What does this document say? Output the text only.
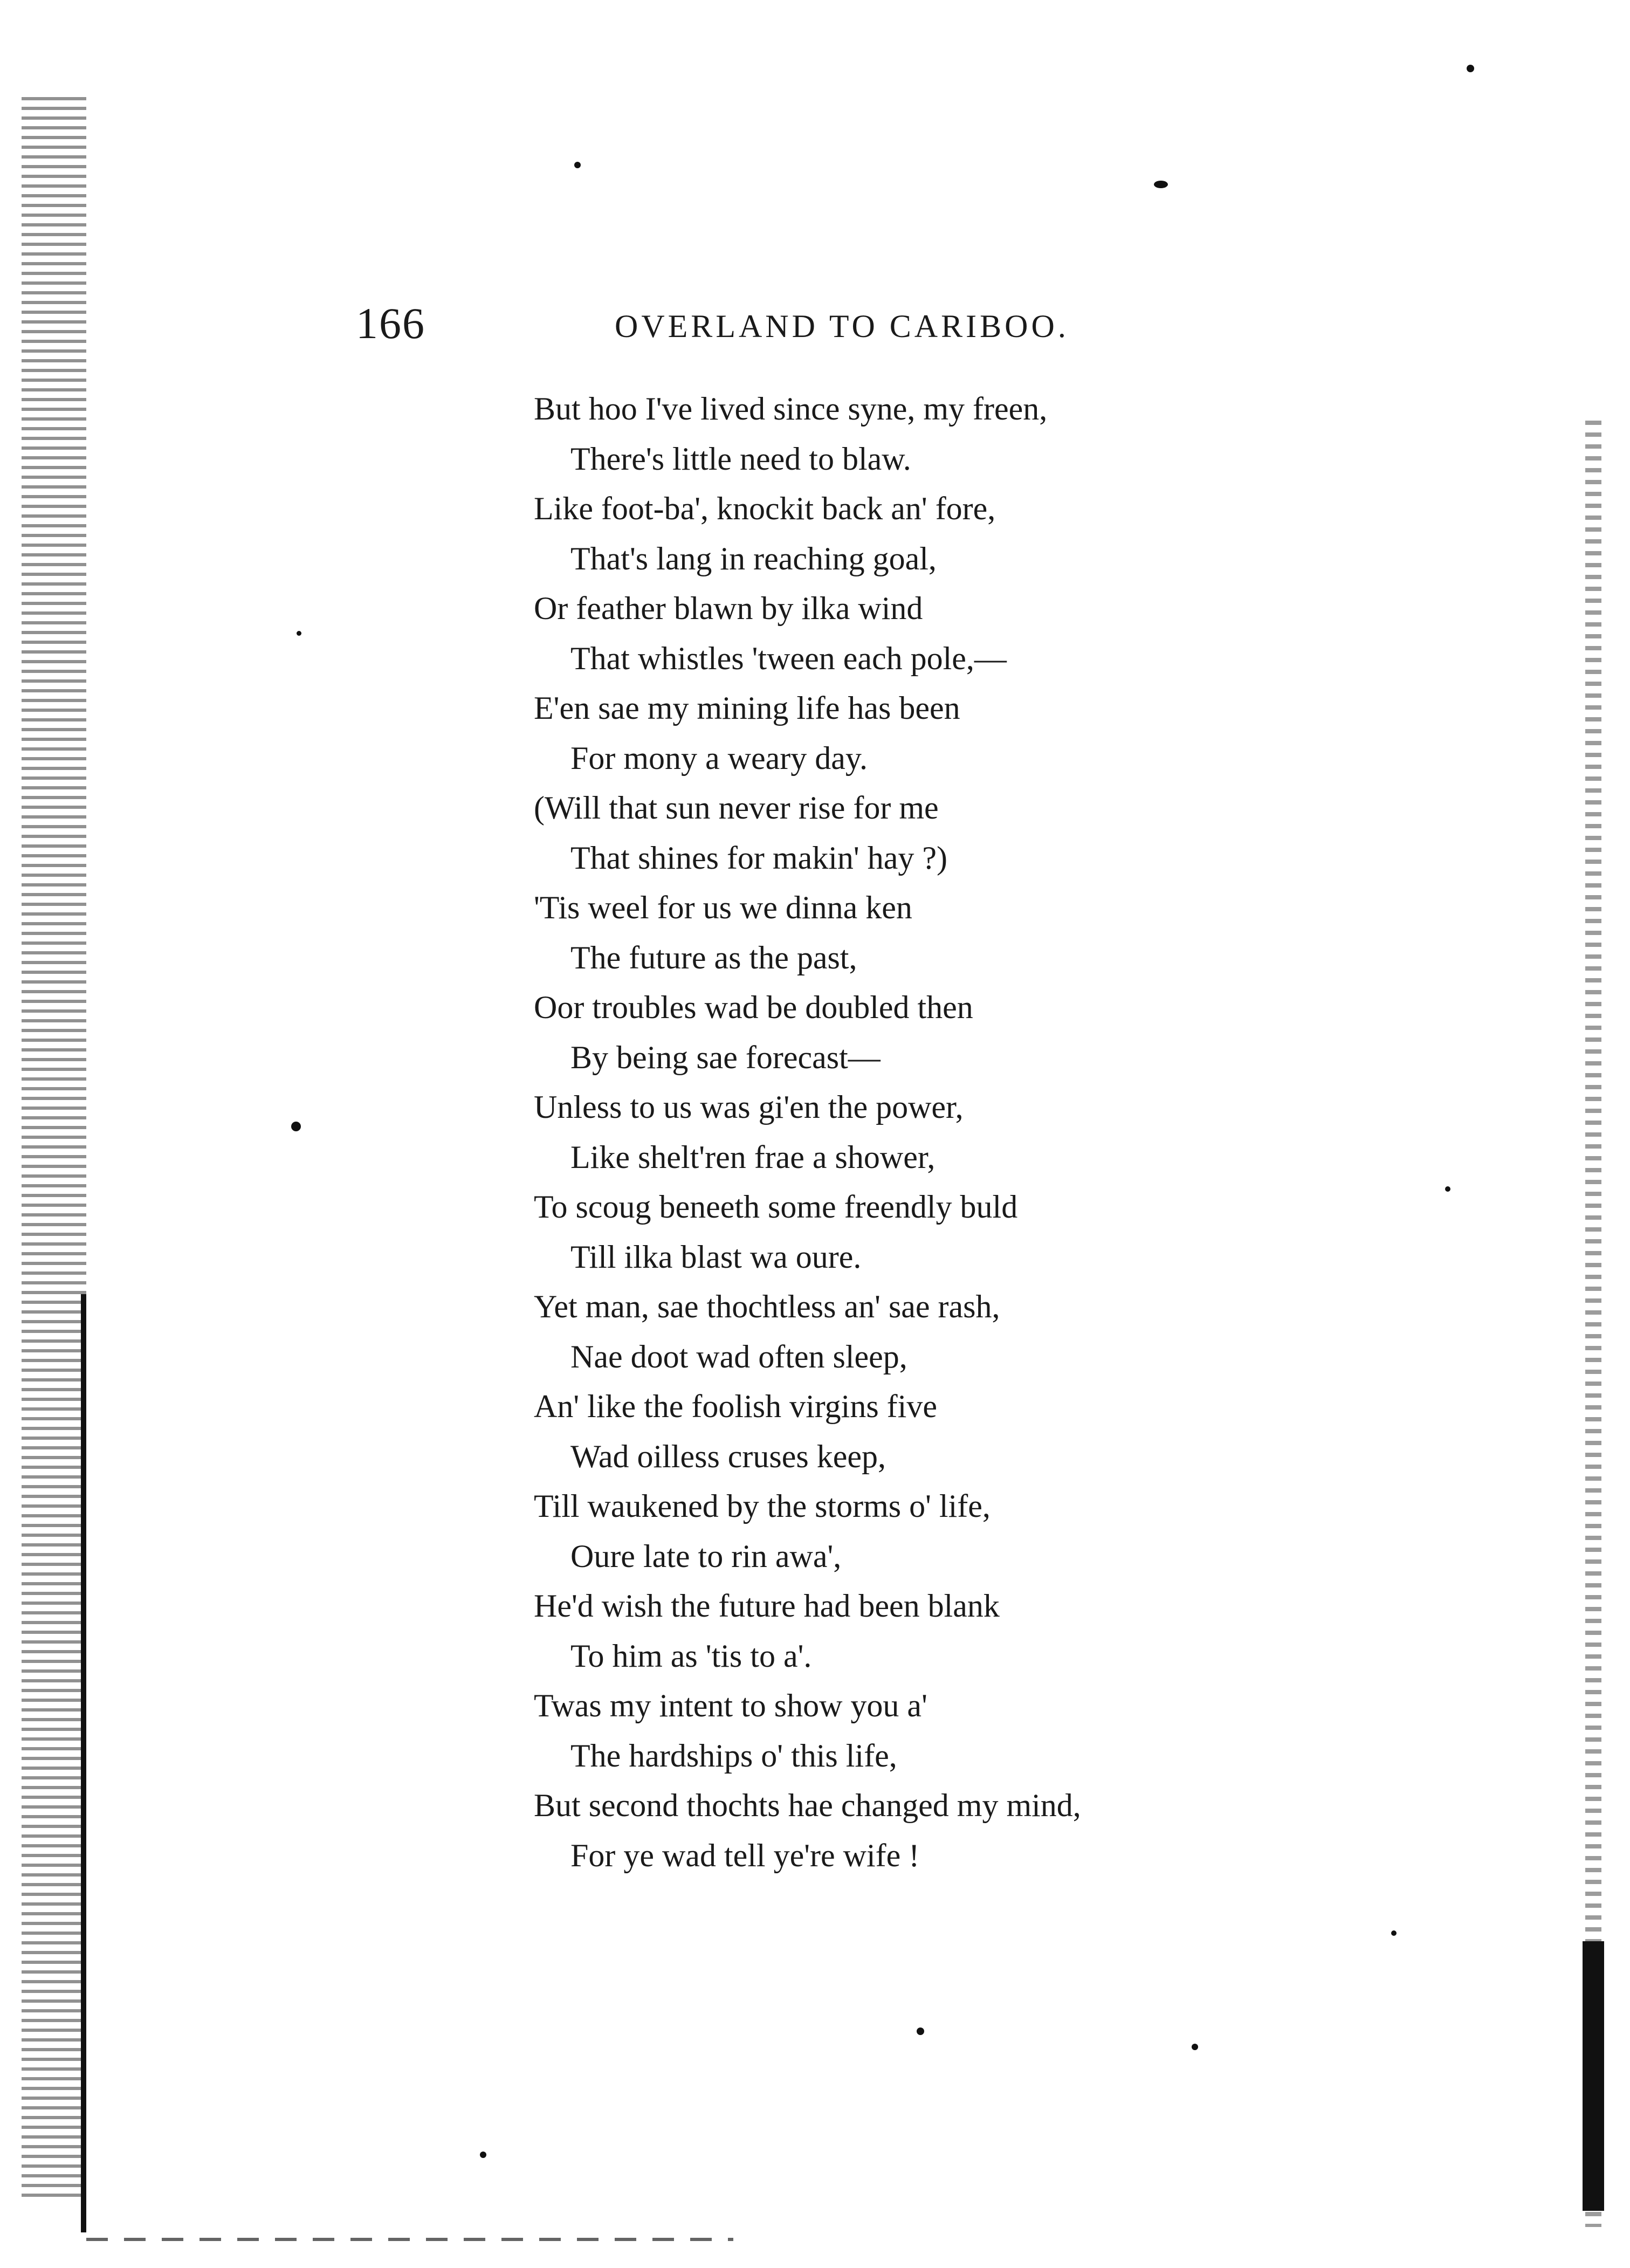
166	OVERLAND TO CARIBOO.
But hoo I've lived since syne, my freen,
There's little need to blaw.
Like foot-ba', knockit back an' fore,
That's lang in reaching goal,
Or feather blawn by ilka wind
That whistles 'tween each pole,—
E'en sae my mining life has been
For mony a weary day.
(Will that sun never rise for me
That shines for makin' hay ?)
'Tis weel for us we dinna ken
The future as the past,
Oor troubles wad be doubled then
By being sae forecast—
Unless to us was gi'en the power,
Like shelt'ren frae a shower,
To scoug beneeth some freendly buld
Till ilka blast wa oure.
Yet man, sae thochtless an' sae rash,
Nae doot wad often sleep,
An' like the foolish virgins five
Wad oilless cruses keep,
Till waukened by the storms o' life,
Oure late to rin awa',
He'd wish the future had been blank
To him as 'tis to a'.
Twas my intent to show you a'
The hardships o' this life,
But second thochts hae changed my mind,
For ye wad tell ye're wife !
